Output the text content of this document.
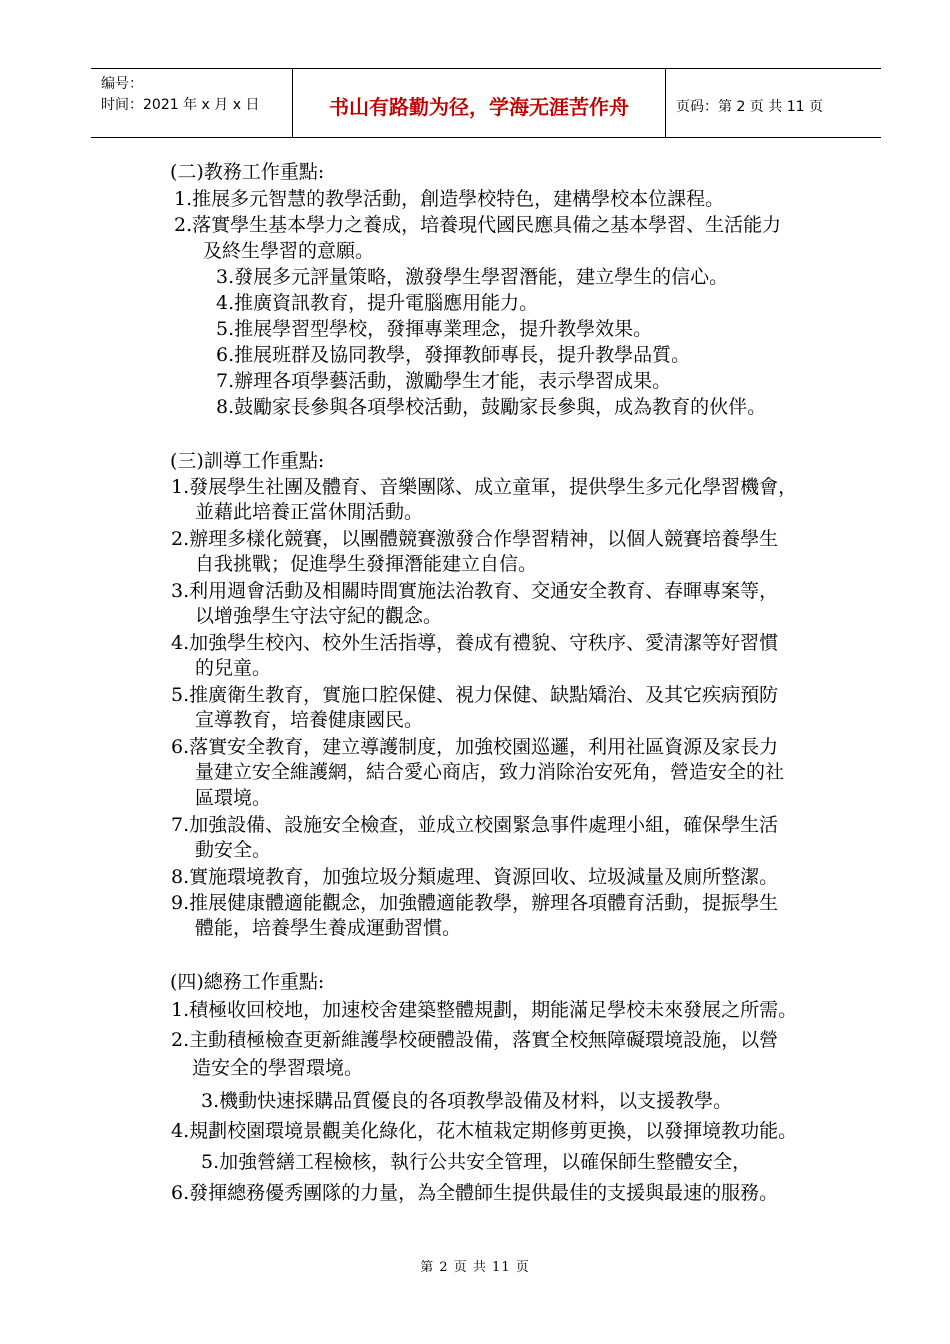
编号：
时间：2021 年 x 月 x 日	书山有路勤为径，学海无涯苦作舟	页码：第 2 页 共 11 页
(二)教務工作重點:
1.推展多元智慧的教學活動，創造學校特色，建構學校本位課程。
2.落實學生基本學力之養成，培養現代國民應具備之基本學習、生活能力
及終生學習的意願。
3.發展多元評量策略，激發學生學習潛能，建立學生的信心。
4.推廣資訊教育，提升電腦應用能力。
5.推展學習型學校，發揮專業理念，提升教學效果。
6.推展班群及協同教學，發揮教師專長，提升教學品質。
7.辦理各項學藝活動，激勵學生才能，表示學習成果。
8.鼓勵家長參與各項學校活動，鼓勵家長參與，成為教育的伙伴。
(三)訓導工作重點:
1.發展學生社團及體育、音樂團隊、成立童軍，提供學生多元化學習機會，
並藉此培養正當休閒活動。
2.辦理多樣化競賽，以團體競賽激發合作學習精神，以個人競賽培養學生
自我挑戰；促進學生發揮潛能建立自信。
3.利用週會活動及相關時間實施法治教育、交通安全教育、春暉專案等，
以增強學生守法守紀的觀念。
4.加強學生校內、校外生活指導，養成有禮貌、守秩序、愛清潔等好習慣
的兒童。
5.推廣衛生教育，實施口腔保健、視力保健、缺點矯治、及其它疾病預防
宣導教育，培養健康國民。
6.落實安全教育，建立導護制度，加強校園巡邏，利用社區資源及家長力
量建立安全維護網，結合愛心商店，致力消除治安死角，營造安全的社
區環境。
7.加強設備、設施安全檢查，並成立校園緊急事件處理小組，確保學生活
動安全。
8.實施環境教育，加強垃圾分類處理、資源回收、垃圾減量及廁所整潔。
9.推展健康體適能觀念，加強體適能教學，辦理各項體育活動，提振學生
體能，培養學生養成運動習慣。
(四)總務工作重點:
1.積極收回校地，加速校舍建築整體規劃，期能滿足學校未來發展之所需。
2.主動積極檢查更新維護學校硬體設備，落實全校無障礙環境設施，以營
造安全的學習環境。
3.機動快速採購品質優良的各項教學設備及材料，以支援教學。
4.規劃校園環境景觀美化綠化，花木植栽定期修剪更換，以發揮境教功能。
5.加強營繕工程檢核，執行公共安全管理，以確保師生整體安全，
6.發揮總務優秀團隊的力量，為全體師生提供最佳的支援與最速的服務。
第 2 页 共 11 页
